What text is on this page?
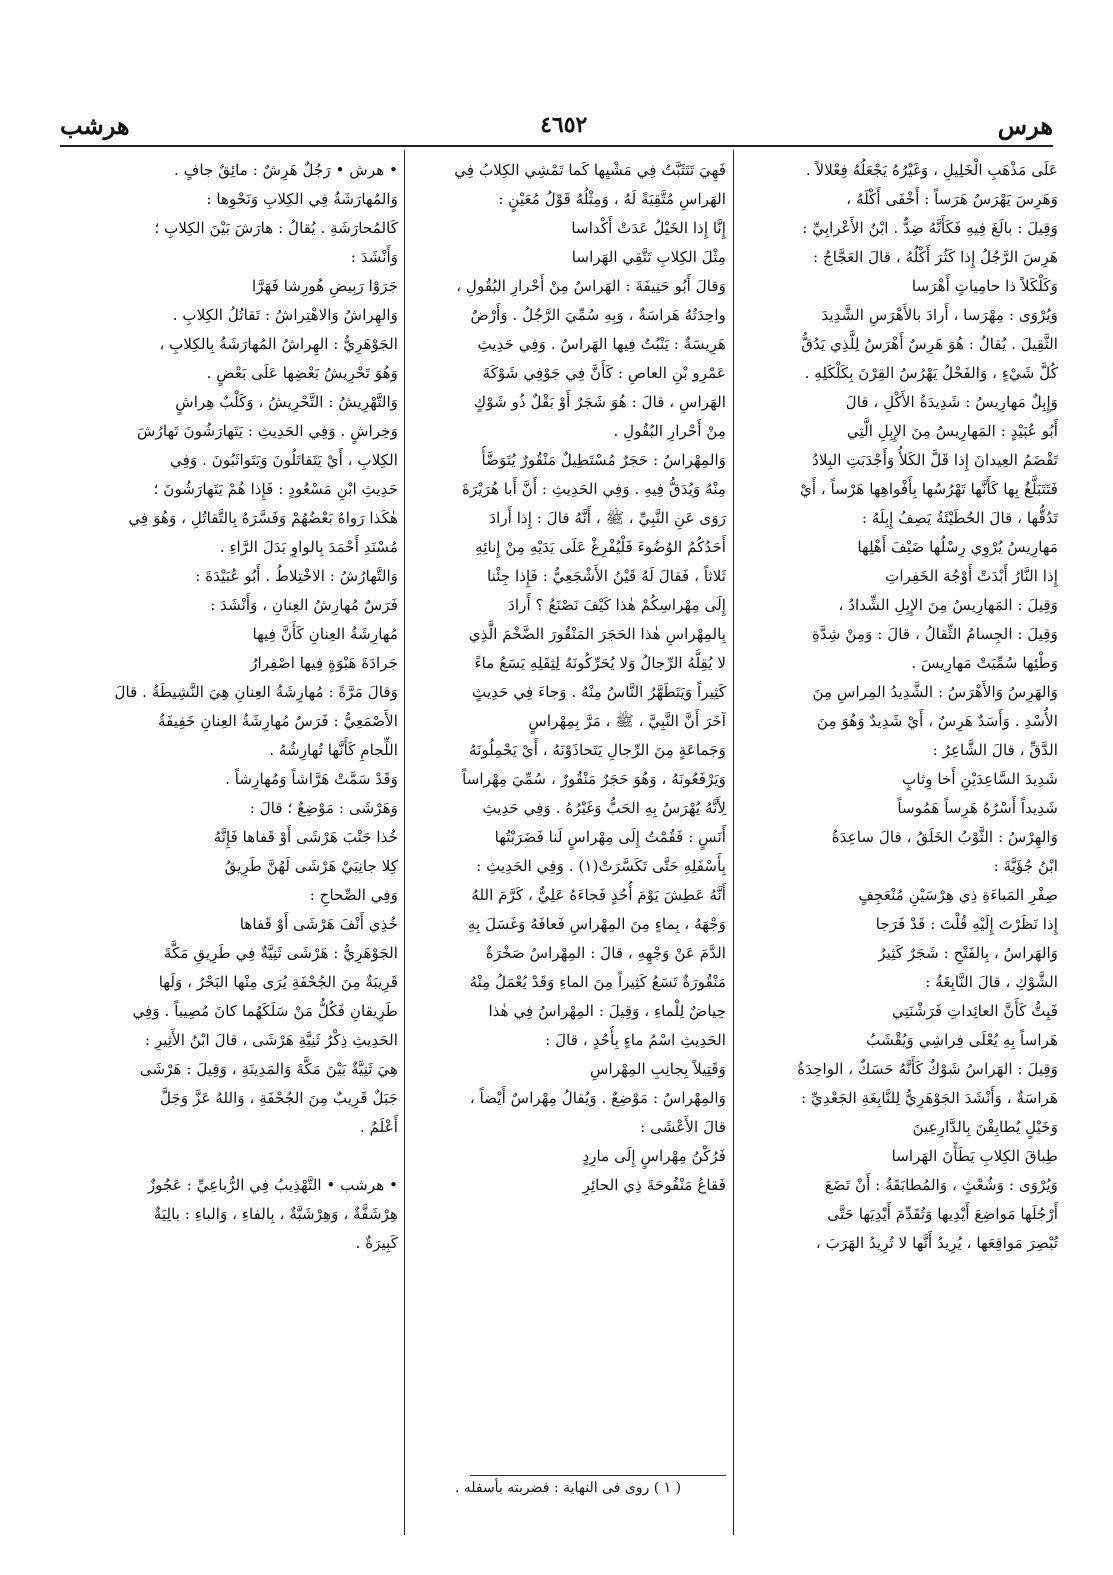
هرس
٤٦٥٢
هرشب
عَلَى مَذْهَبِ الْخَلِيلِ ، وَغَيْرُهُ يَجْعَلُهُ فِعْلالاً .
وَهَرِسَ يَهْرَسُ هَرَساً : أَخْفَى أَكْلَهُ ،
وَقِيلَ : بالَغَ فِيهِ فَكَأَنَّهُ ضِدٌّ . ابْنُ الأَعْرابِيِّ :
هَرِسَ الرَّجُلُ إِذا كَثُرَ أَكْلُهُ ، قالَ العَجَّاجُ :
وَكَلْكَلاً ذا حامِياتٍ أَهْرَسا
وَيُرْوَى : مِهْرَسا ، أَرادَ بالأَهْرَسِ الشَّدِيدَ
الثَّقِيلَ . يُقالُ : هُوَ هَرِسٌ أَهْرَسُ لِلَّذِي يَدُقُّ
كُلَّ شَيْءٍ ، وَالفَحْلُ يَهْرُسُ القِرْنَ بِكَلْكَلِهِ .
وَإِبِلٌ مَهارِيسُ : شَدِيدَةُ الأَكْلِ ، قالَ
أَبُو عُبَيْدٍ : المَهارِيسُ مِنَ الإِبِلِ الَّتِي
تَقْضَمُ العِيدانَ إِذا قَلَّ الكَلأُ وَأَجْدَبَتِ البِلادُ
فَتَتَبَلَّغُ بِها كَأَنَّها تَهْرُسُها بِأَفْواهِها هَرْساً ، أَيْ
تَدُقُّها ، قالَ الحُطَيْئَةُ يَصِفُ إِبِلَهُ :
مَهارِيسُ يُرْوِي رِسْلُها ضَيْفَ أَهْلِها
إِذا النَّارُ أَبْدَتْ أَوْجُهَ الخَفِراتِ
وَقِيلَ : المَهارِيسُ مِنَ الإِبِلِ الشِّدادُ ،
وَقِيلَ : الجِسامُ الثِّقالُ ، قالَ : وَمِنْ شِدَّةِ
وَطْئِها سُمِّيَتْ مَهارِيسَ .
وَالهَرِسُ وَالأَهْرَسُ : الشَّدِيدُ المِراسِ مِنَ
الأُسْدِ . وَأَسَدٌ هَرِسٌ ، أَيْ شَدِيدٌ وَهُوَ مِنَ
الدَّقِّ ، قالَ الشَّاعِرُ :
شَدِيدَ السَّاعِدَيْنِ أَخا وِثابٍ
شَدِيداً أَسْرُهُ هَرِساً هَمُوساً
وَالهِرْسُ : الثَّوْبُ الخَلَقُ ، قالَ ساعِدَةُ
ابْنُ جُؤَيَّةَ :
صِفْرِ المَباءَةِ ذِي هِرْسَيْنِ مُنْعَجِفٍ
إِذا نَظَرْتَ إِلَيْهِ قُلْتَ : قَدْ فَرَجا
وَالهَراسُ ، بِالفَتْحِ : شَجَرٌ كَثِيرُ
الشَّوْكِ ، قالَ النَّابِغَةُ :
فَبِتُّ كَأَنَّ العائِداتِ فَرَشْنَنِي
هَراساً بِهِ يُعْلَى فِراشِي وَيُقْشَبُ
وَقِيلَ : الهَراسُ شَوْكٌ كَأَنَّهُ حَسَكٌ ، الواحِدَةُ
هَراسَةٌ ، وَأَنْشَدَ الجَوْهَرِيُّ لِلنَّابِغَةِ الجَعْدِيِّ :
وَخَيْلٍ يُطابِقْنَ بِالدَّارِعِينَ
طِباقَ الكِلابِ يَطَأْنَ الهَراسا
وَيُرْوَى : وَشُعْثٍ ، وَالمُطابَقَةُ : أَنْ تَضَعَ
أَرْجُلَها مَواضِعَ أَيْدِيها وَتُقَدِّمَ أَيْدِيَها حَتَّى
تُبْصِرَ مَواقِعَها ، يُرِيدُ أَنَّها لا تُرِيدُ الهَرَبَ ،
فَهِيَ تَتَثَبَّتُ فِي مَشْيِها كَما تَمْشِي الكِلابُ فِي
الهَراسِ مُتَّقِيَةً لَهُ ، وَمِثْلُهُ قَوْلُ مُعَيْنٍ :
إِنَّا إِذا الخَيْلُ عَدَتْ أَكْداسا
مِثْلَ الكِلابِ تَتَّقِي الهَراسا
وَقالَ أَبُو حَنِيفَةَ : الهَراسُ مِنْ أَحْرارِ البُقُولِ ،
واحِدَتُهُ هَراسَةٌ ، وَبِهِ سُمِّيَ الرَّجُلُ . وَأَرْضٌ
هَرِيسَةٌ : يَنْبُتُ فِيها الهَراسُ . وَفِي حَدِيثِ
عَمْرِو بْنِ العاصِ : كَأَنَّ فِي جَوْفِي شَوْكَةَ
الهَراسِ ، قالَ : هُوَ شَجَرٌ أَوْ بَقْلٌ ذُو شَوْكٍ
مِنْ أَحْرارِ البُقُولِ .
وَالمِهْراسُ : حَجَرٌ مُسْتَطِيلٌ مَنْقُورٌ يُتَوَضَّأُ
مِنْهُ وَيُدَقُّ فِيهِ . وَفِي الحَدِيثِ : أَنَّ أَبا هُرَيْرَةَ
رَوَى عَنِ النَّبِيِّ ، ﷺ ، أَنَّهُ قالَ : إِذا أَرادَ
أَحَدُكُمُ الوُضُوءَ فَلْيُفْرِغْ عَلَى يَدَيْهِ مِنْ إِنائِهِ
ثَلاثاً ، فَقالَ لَهُ قَيْنُ الأَشْجَعِيُّ : فَإِذا جِئْنا
إِلَى مِهْراسِكُمْ هٰذا كَيْفَ نَصْنَعُ ؟ أَرادَ
بِالمِهْراسِ هٰذا الحَجَرَ المَنْقُورَ الضَّخْمَ الَّذِي
لا يُقِلُّهُ الرِّجالُ وَلا يُحَرِّكُونَهُ لِثِقَلِهِ يَسَعُ ماءً
كَثِيراً وَيَتَطَهَّرُ النَّاسُ مِنْهُ . وَجاءَ فِي حَدِيثٍ
آخَرَ أَنَّ النَّبِيَّ ، ﷺ ، مَرَّ بِمِهْراسٍ
وَجَماعَةٍ مِنَ الرِّجالِ يَتَحاذَوْنَهُ ، أَيْ يَحْمِلُونَهُ
وَيَرْفَعُونَهُ ، وَهُوَ حَجَرٌ مَنْقُورٌ ، سُمِّيَ مِهْراساً
لِأَنَّهُ يُهْرَسُ بِهِ الحَبُّ وَغَيْرُهُ . وَفِي حَدِيثِ
أَنَسٍ : فَقُمْتُ إِلَى مِهْراسٍ لَنا فَضَرَبْتُها
بِأَسْفَلِهِ حَتَّى تَكَسَّرَتْ(١) . وَفِي الحَدِيثِ :
أَنَّهُ عَطِشَ يَوْمَ أُحُدٍ فَجاءَهُ عَلِيٌّ ، كَرَّمَ اللهُ
وَجْهَهُ ، بِماءٍ مِنَ المِهْراسِ فَعافَهُ وَغَسَلَ بِهِ
الدَّمَ عَنْ وَجْهِهِ ، قالَ : المِهْراسُ صَخْرَةٌ
مَنْقُورَةٌ تَسَعُ كَثِيراً مِنَ الماءِ وَقَدْ يُعْمَلُ مِنْهُ
حِياضٌ لِلْماءِ ، وَقِيلَ : المِهْراسُ فِي هٰذا
الحَدِيثِ اسْمُ ماءٍ بِأُحُدٍ ، قالَ :
وَقَتِيلاً بِجانِبِ المِهْراسِ
وَالمِهْراسُ : مَوْضِعٌ . وَيُقالُ مِهْراسٌ أَيْضاً ،
قالَ الأَعْشَى :
فَرُكْنُ مِهْراسٍ إِلَى مارِدٍ
فَقاعُ مَنْفُوحَةَ ذِي الحائِرِ
• هرش • رَجُلٌ هَرِشٌ : مائِقٌ جافٍ .
وَالمُهارَشَةُ فِي الكِلابِ وَنَحْوِها :
كَالمُحارَشَةِ . يُقالُ : هارَشَ بَيْنَ الكِلابِ ؛
وَأَنْشَدَ :
جَرَوْا رَبِيضِ هُورِشا فَهَرَّا
وَالهِراشُ وَالاهْتِراشُ : تَقاتُلُ الكِلابِ .
الجَوْهَرِيُّ : الهِراشُ المُهارَشَةُ بِالكِلابِ ،
وَهُوَ تَحْرِيشُ بَعْضِها عَلَى بَعْضٍ .
وَالتَّهْرِيشُ : التَّحْرِيشُ ، وَكَلْبٌ هِراشٍ
وَخِراشٍ . وَفِي الحَدِيثِ : يَتَهارَشُونَ تَهارُشَ
الكِلابِ ، أَيْ يَتَقاتَلُونَ وَيَتَواثَبُونَ . وَفِي
حَدِيثِ ابْنِ مَسْعُودٍ : فَإِذا هُمْ يَتَهارَشُونَ ؛
هٰكَذا رَواهُ بَعْضُهُمْ وَفَسَّرَهُ بِالتَّقاتُلِ ، وَهُوَ فِي
مُسْنَدِ أَحْمَدَ بِالواوِ بَدَلَ الرَّاءِ .
وَالتَّهارُشُ : الاخْتِلاطُ . أَبُو عُبَيْدَةَ :
فَرَسٌ مُهارِشُ العِنانِ ، وَأَنْشَدَ :
مُهارِشَةُ العِنانِ كَأَنَّ فِيها
جَرادَةَ هَبْوَةٍ فِيها اصْفِرارُ
وَقالَ مَرَّةً : مُهارِشَةُ العِنانِ هِيَ النَّشِيطَةُ . قالَ
الأَصْمَعِيُّ : فَرَسٌ مُهارِشَةُ العِنانِ خَفِيفَةُ
اللِّجامِ كَأَنَّها تُهارِشُهُ .
وَقَدْ سَمَّتْ هَرَّاشاً وَمُهارِشاً .
وَهَرْشَى : مَوْضِعٌ ؛ قالَ :
خُذا جَنْبَ هَرْشَى أَوْ قَفاها فَإِنَّهُ
كِلا جانِبَيْ هَرْشَى لَهُنَّ طَرِيقُ
وَفِي الصِّحاحِ :
خُذِي أَنْفَ هَرْشَى أَوْ قَفاها
الجَوْهَرِيُّ : هَرْشَى ثَنِيَّةٌ فِي طَرِيقِ مَكَّةَ
قَرِيبَةٌ مِنَ الجُحْفَةِ يُرَى مِنْها البَحْرُ ، وَلَها
طَرِيقانِ فَكُلُّ مَنْ سَلَكَهُما كانَ مُصِيباً . وَفِي
الحَدِيثِ ذِكْرُ ثَنِيَّةِ هَرْشَى ، قالَ ابْنُ الأَثِيرِ :
هِيَ ثَنِيَّةٌ بَيْنَ مَكَّةَ وَالمَدِينَةِ ، وَقِيلَ : هَرْشَى
جَبَلٌ قَرِيبٌ مِنَ الجُحْفَةِ ، وَاللهُ عَزَّ وَجَلَّ
أَعْلَمُ .

• هرشب • التَّهْذِيبُ فِي الرُّباعِيِّ : عَجُوزٌ
هِرْشَفَّةٌ ، وَهِرْشَبَّةٌ ، بِالفاءِ ، وَالباءِ : بالِيَةٌ
كَبِيرَةٌ .
( ١ ) روى فى النهاية : فضربته بأسفله .
